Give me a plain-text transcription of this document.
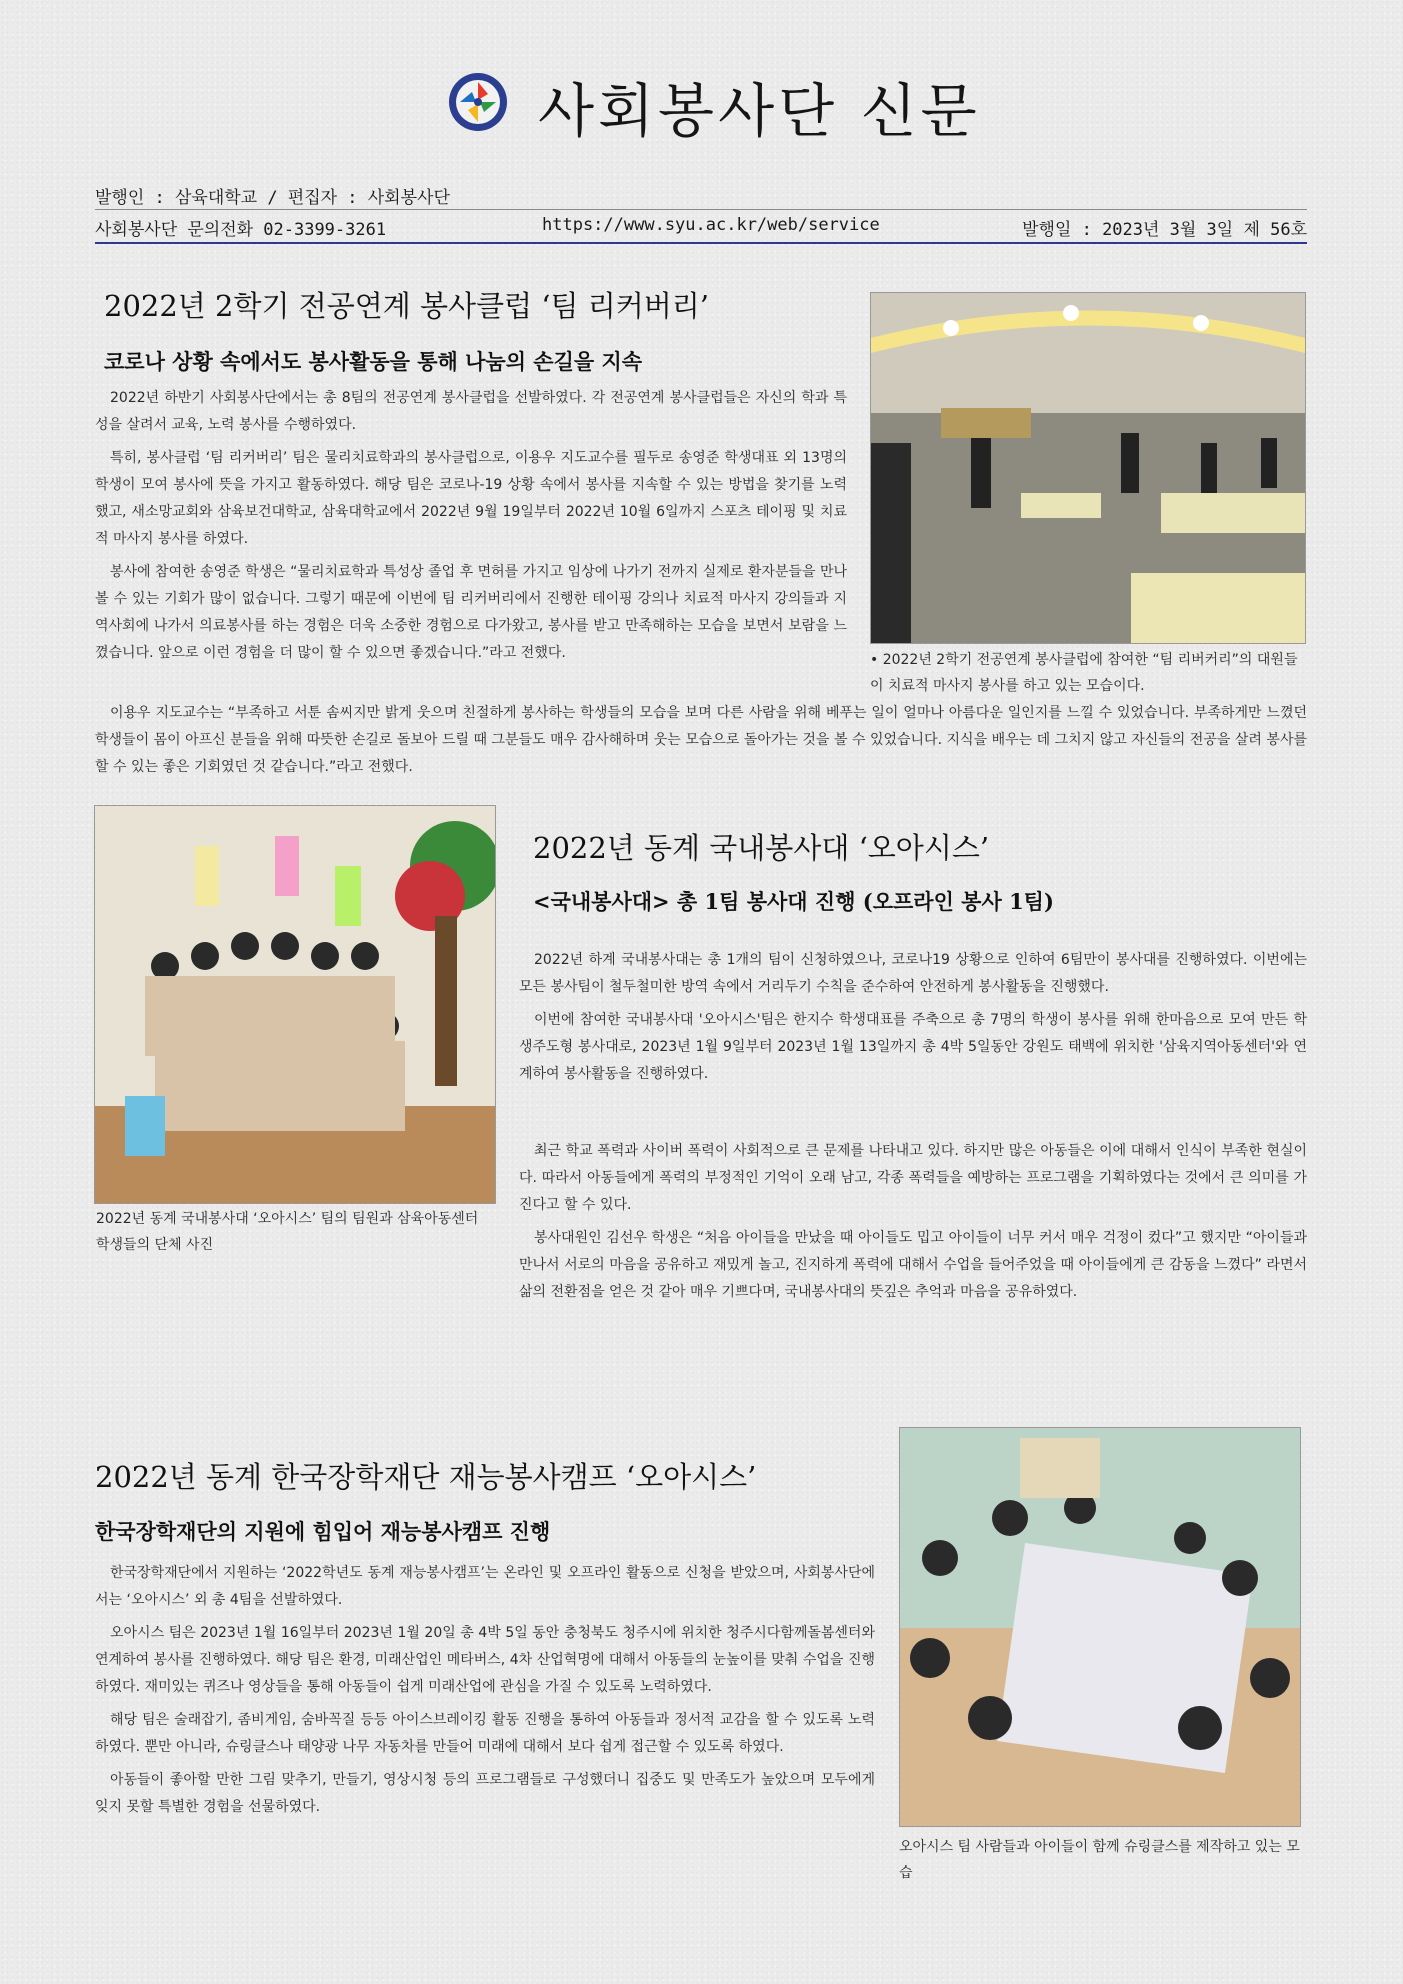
사회봉사단 신문
발행인 : 삼육대학교 / 편집자 : 사회봉사단
사회봉사단 문의전화 02-3399-3261	https://www.syu.ac.kr/web/service	발행일 : 2023년 3월 3일 제 56호
2022년 2학기 전공연계 봉사클럽 ‘팀 리커버리’
코로나 상황 속에서도 봉사활동을 통해 나눔의 손길을 지속

2022년 하반기 사회봉사단에서는 총 8팀의 전공연계 봉사클럽을 선발하였다. 각 전공연계 봉사클럽들은 자신의 학과 특성을 살려서 교육, 노력 봉사를 수행하였다.

특히, 봉사클럽 ‘팀 리커버리’ 팀은 물리치료학과의 봉사클럽으로, 이용우 지도교수를 필두로 송영준 학생대표 외 13명의 학생이 모여 봉사에 뜻을 가지고 활동하였다. 해당 팀은 코로나-19 상황 속에서 봉사를 지속할 수 있는 방법을 찾기를 노력했고, 새소망교회와 삼육보건대학교, 삼육대학교에서 2022년 9월 19일부터 2022년 10월 6일까지 스포츠 테이핑 및 치료적 마사지 봉사를 하였다.

봉사에 참여한 송영준 학생은 “물리치료학과 특성상 졸업 후 면허를 가지고 임상에 나가기 전까지 실제로 환자분들을 만나 볼 수 있는 기회가 많이 없습니다. 그렇기 때문에 이번에 팀 리커버리에서 진행한 테이핑 강의나 치료적 마사지 강의들과 지역사회에 나가서 의료봉사를 하는 경험은 더욱 소중한 경험으로 다가왔고, 봉사를 받고 만족해하는 모습을 보면서 보람을 느꼈습니다. 앞으로 이런 경험을 더 많이 할 수 있으면 좋겠습니다.”라고 전했다.	• 2022년 2학기 전공연계 봉사클럽에 참여한 “팀 리버커리”의 대원들이 치료적 마사지 봉사를 하고 있는 모습이다.

이용우 지도교수는 “부족하고 서툰 솜씨지만 밝게 웃으며 친절하게 봉사하는 학생들의 모습을 보며 다른 사람을 위해 베푸는 일이 얼마나 아름다운 일인지를 느낄 수 있었습니다. 부족하게만 느꼈던 학생들이 몸이 아프신 분들을 위해 따뜻한 손길로 돌보아 드릴 때 그분들도 매우 감사해하며 웃는 모습으로 돌아가는 것을 볼 수 있었습니다. 지식을 배우는 데 그치지 않고 자신들의 전공을 살려 봉사를 할 수 있는 좋은 기회였던 것 같습니다.”라고 전했다.

2022년 동계 국내봉사대 ‘오아시스’ 팀의 팀원과 삼육아동센터 학생들의 단체 사진
2022년 동계 국내봉사대 ‘오아시스’
<국내봉사대> 총 1팀 봉사대 진행 (오프라인 봉사 1팀)

2022년 하계 국내봉사대는 총 1개의 팀이 신청하였으나, 코로나19 상황으로 인하여 6팀만이 봉사대를 진행하였다. 이번에는 모든 봉사팀이 철두철미한 방역 속에서 거리두기 수칙을 준수하여 안전하게 봉사활동을 진행했다.

이번에 참여한 국내봉사대 '오아시스'팀은 한지수 학생대표를 주축으로 총 7명의 학생이 봉사를 위해 한마음으로 모여 만든 학생주도형 봉사대로, 2023년 1월 9일부터 2023년 1월 13일까지 총 4박 5일동안 강원도 태백에 위치한 '삼육지역아동센터'와 연계하여 봉사활동을 진행하였다.

최근 학교 폭력과 사이버 폭력이 사회적으로 큰 문제를 나타내고 있다. 하지만 많은 아동들은 이에 대해서 인식이 부족한 현실이다. 따라서 아동들에게 폭력의 부정적인 기억이 오래 남고, 각종 폭력들을 예방하는 프로그램을 기획하였다는 것에서 큰 의미를 가진다고 할 수 있다.

봉사대원인 김선우 학생은 “처음 아이들을 만났을 때 아이들도 밉고 아이들이 너무 커서 매우 걱정이 컸다”고 했지만 “아이들과 만나서 서로의 마음을 공유하고 재밌게 놀고, 진지하게 폭력에 대해서 수업을 들어주었을 때 아이들에게 큰 감동을 느꼈다” 라면서 삶의 전환점을 얻은 것 같아 매우 기쁘다며, 국내봉사대의 뜻깊은 추억과 마음을 공유하였다.

2022년 동계 한국장학재단 재능봉사캠프 ‘오아시스’
한국장학재단의 지원에 힘입어 재능봉사캠프 진행

한국장학재단에서 지원하는 ‘2022학년도 동계 재능봉사캠프’는 온라인 및 오프라인 활동으로 신청을 받았으며, 사회봉사단에서는 ‘오아시스’ 외 총 4팀을 선발하였다.

오아시스 팀은 2023년 1월 16일부터 2023년 1월 20일 총 4박 5일 동안 충청북도 청주시에 위치한 청주시다함께돌봄센터와 연계하여 봉사를 진행하였다. 해당 팀은 환경, 미래산업인 메타버스, 4차 산업혁명에 대해서 아동들의 눈높이를 맞춰 수업을 진행하였다. 재미있는 퀴즈나 영상들을 통해 아동들이 쉽게 미래산업에 관심을 가질 수 있도록 노력하였다.

해당 팀은 술래잡기, 좀비게임, 숨바꼭질 등등 아이스브레이킹 활동 진행을 통하여 아동들과 정서적 교감을 할 수 있도록 노력하였다. 뿐만 아니라, 슈링클스나 태양광 나무 자동차를 만들어 미래에 대해서 보다 쉽게 접근할 수 있도록 하였다.

아동들이 좋아할 만한 그림 맞추기, 만들기, 영상시청 등의 프로그램들로 구성했더니 집중도 및 만족도가 높았으며 모두에게 잊지 못할 특별한 경험을 선물하였다.

오아시스 팀 사람들과 아이들이 함께 슈링클스를 제작하고 있는 모습
